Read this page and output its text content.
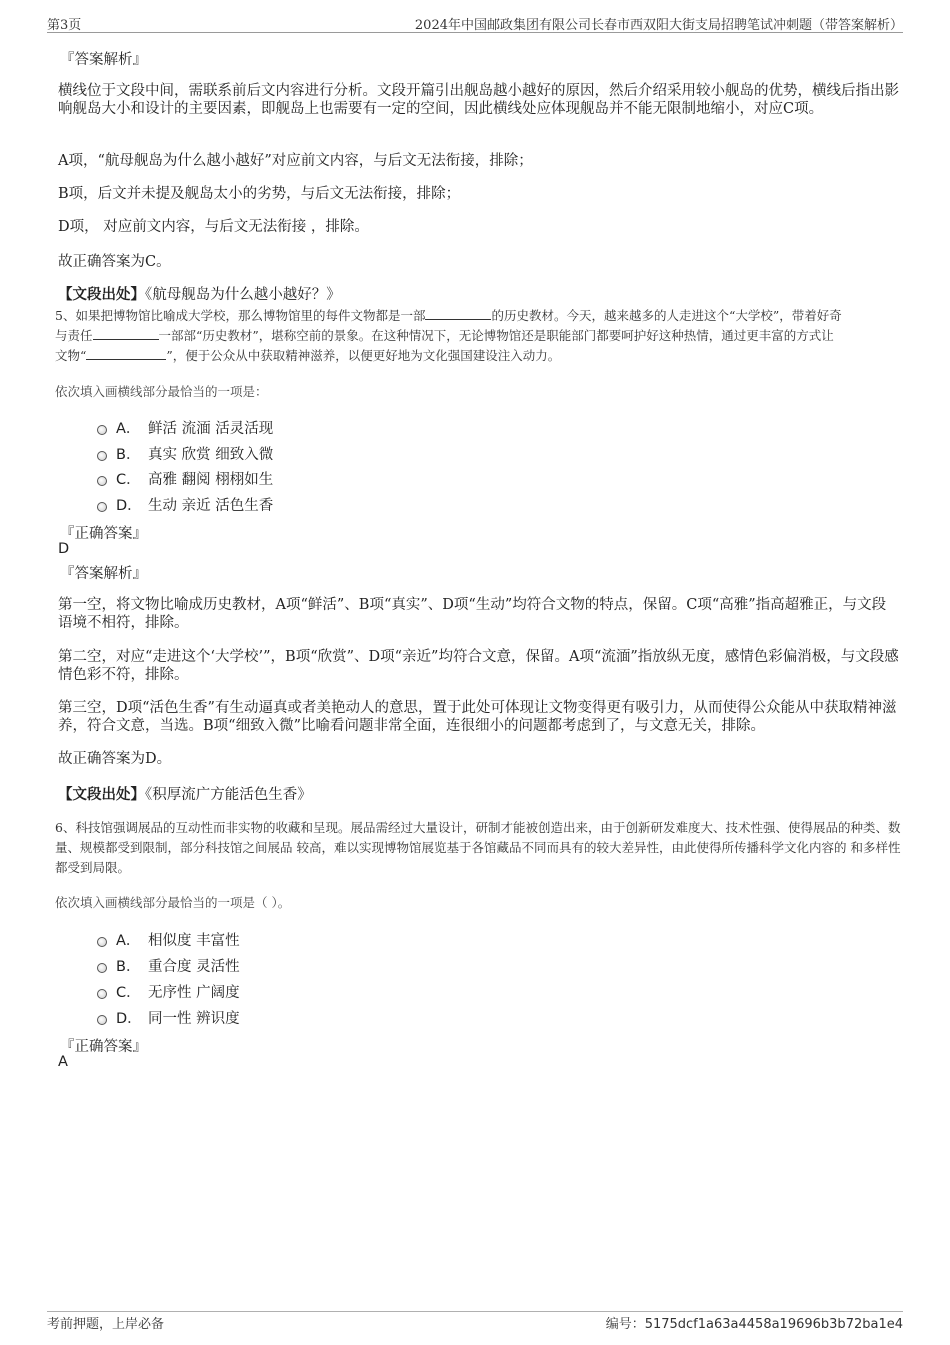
第3页	2024年中国邮政集团有限公司长春市西双阳大街支局招聘笔试冲刺题（带答案解析）
『答案解析』
横线位于文段中间，需联系前后文内容进行分析。文段开篇引出舰岛越小越好的原因，然后介绍采用较小舰岛的优势，横线后指出影响舰岛大小和设计的主要因素，即舰岛上也需要有一定的空间，因此横线处应体现舰岛并不能无限制地缩小，对应C项。
A项，“航母舰岛为什么越小越好”对应前文内容，与后文无法衔接，排除；
B项，后文并未提及舰岛太小的劣势，与后文无法衔接，排除；
D项， 对应前文内容，与后文无法衔接 ，排除。
故正确答案为C。
【文段出处】《航母舰岛为什么越小越好？》
5、如果把博物馆比喻成大学校，那么博物馆里的每件文物都是一部	的历史教材。今天，越来越多的人走进这个“大学校”，带着好奇
与责任	一部部“历史教材”，堪称空前的景象。在这种情况下，无论博物馆还是职能部门都要呵护好这种热情，通过更丰富的方式让
文物“	”，便于公众从中获取精神滋养，以便更好地为文化强国建设注入动力。
依次填入画横线部分最恰当的一项是：
A． 鲜活 流湎 活灵活现
B． 真实 欣赏 细致入微
C． 高雅 翻阅 栩栩如生
D． 生动 亲近 活色生香
『正确答案』
D
『答案解析』
第一空，将文物比喻成历史教材，A项“鲜活”、B项“真实”、D项“生动”均符合文物的特点，保留。C项“高雅”指高超雅正，与文段语境不相符，排除。
第二空，对应“走进这个‘大学校’”，B项“欣赏”、D项“亲近”均符合文意，保留。A项“流湎”指放纵无度，感情色彩偏消极，与文段感情色彩不符，排除。
第三空，D项“活色生香”有生动逼真或者美艳动人的意思，置于此处可体现让文物变得更有吸引力，从而使得公众能从中获取精神滋养，符合文意，当选。B项“细致入微”比喻看问题非常全面，连很细小的问题都考虑到了，与文意无关，排除。
故正确答案为D。
【文段出处】《积厚流广方能活色生香》
6、科技馆强调展品的互动性而非实物的收藏和呈现。展品需经过大量设计，研制才能被创造出来，由于创新研发难度大、技术性强、使得展品的种类、数量、规模都受到限制，部分科技馆之间展品 较高，难以实现博物馆展览基于各馆藏品不同而具有的较大差异性，由此使得所传播科学文化内容的 和多样性都受到局限。
依次填入画横线部分最恰当的一项是（ ）。
A． 相似度 丰富性
B． 重合度 灵活性
C． 无序性 广阔度
D． 同一性 辨识度
『正确答案』
A
考前押题，上岸必备	编号：5175dcf1a63a4458a19696b3b72ba1e4
